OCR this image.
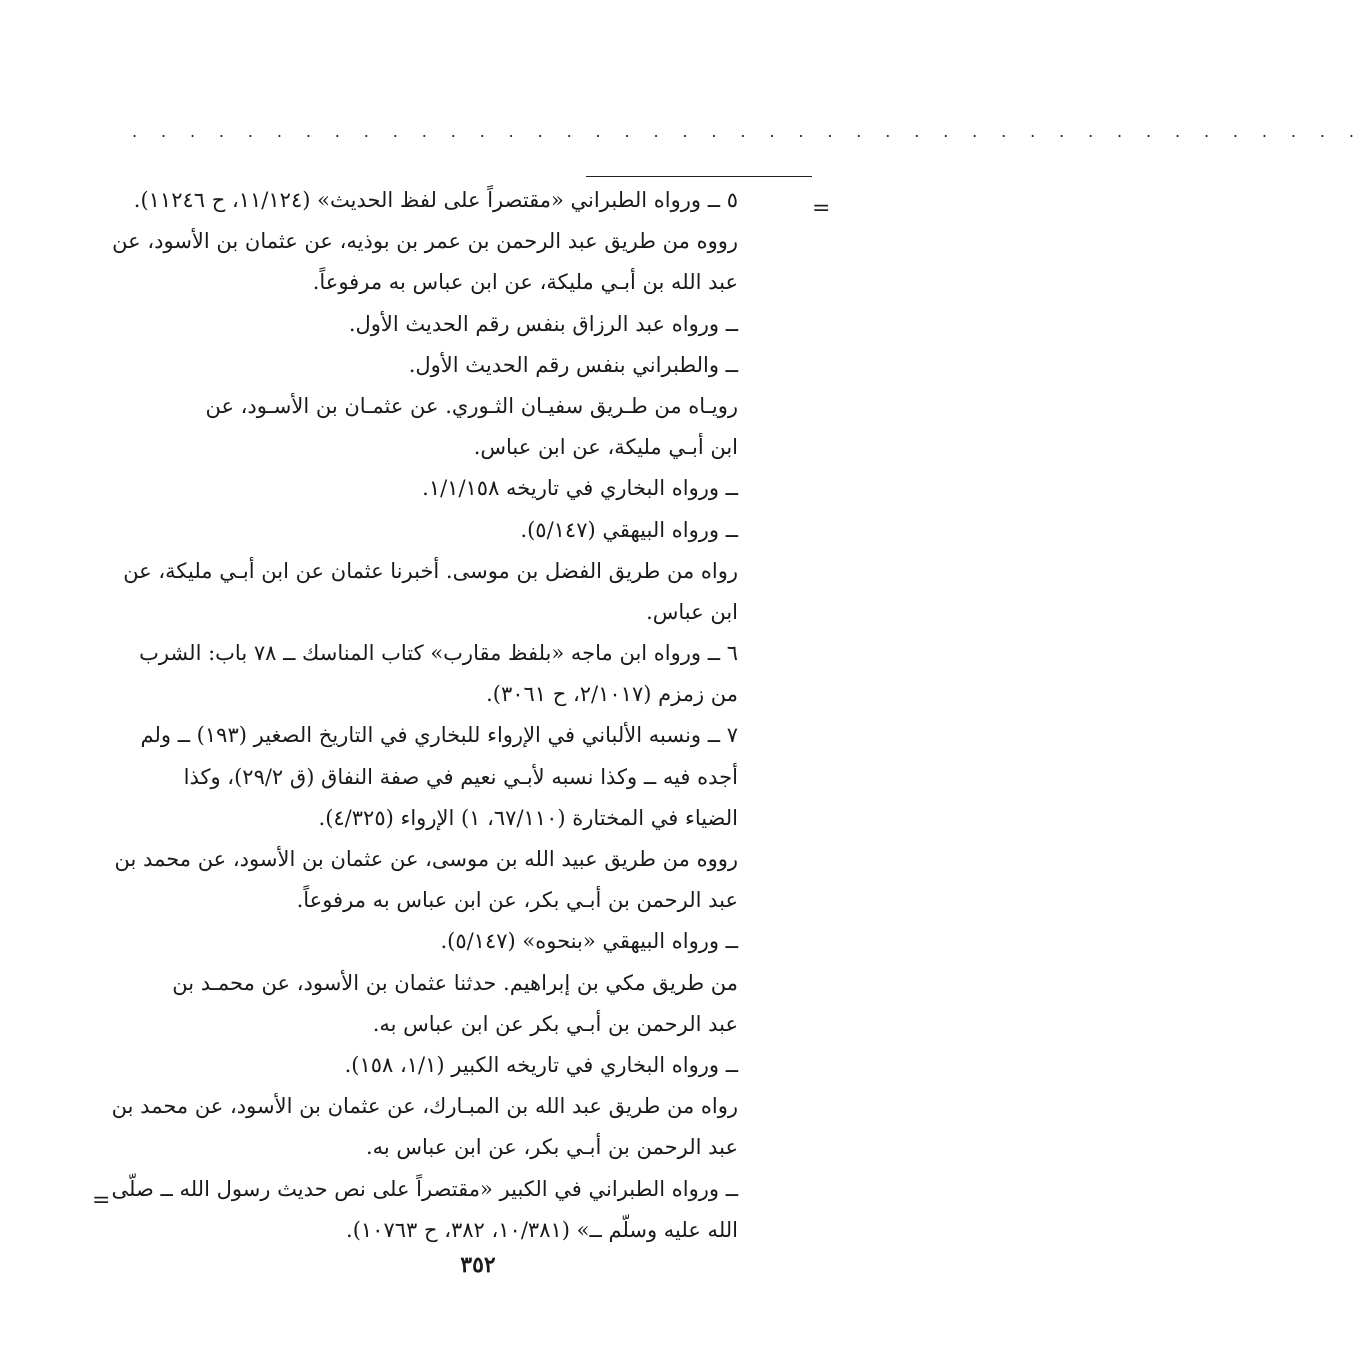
. . . . . . . . . . . . . . . . . . . . . . . . . . . . . . . . . . . . . . . . . . .
=
٥ ــ ورواه الطبراني «مقتصراً على لفظ الحديث» (١١/١٢٤، ح ١١٢٤٦).
رووه من طريق عبد الرحمن بن عمر بن بوذيه، عن عثمان بن الأسود، عن
عبد الله بن أبـي مليكة، عن ابن عباس به مرفوعاً.
ــ ورواه عبد الرزاق بنفس رقم الحديث الأول.
ــ والطبراني بنفس رقم الحديث الأول.
رويـاه من طـريق سفيـان الثـوري. عن عثمـان بن الأسـود، عن
ابن أبـي مليكة، عن ابن عباس.
ــ ورواه البخاري في تاريخه ١/١/١٥٨.
ــ ورواه البيهقي (٥/١٤٧).
رواه من طريق الفضل بن موسى. أخبرنا عثمان عن ابن أبـي مليكة، عن
ابن عباس.
٦ ــ ورواه ابن ماجه «بلفظ مقارب» كتاب المناسك ــ ٧٨ باب: الشرب
من زمزم (٢/١٠١٧، ح ٣٠٦١).
٧ ــ ونسبه الألباني في الإرواء للبخاري في التاريخ الصغير (١٩٣) ــ ولم
أجده فيه ــ وكذا نسبه لأبـي نعيم في صفة النفاق (ق ٢٩/٢)، وكذا
الضياء في المختارة (٦٧/١١٠، ١) الإرواء (٤/٣٢٥).
رووه من طريق عبيد الله بن موسى، عن عثمان بن الأسود، عن محمد بن
عبد الرحمن بن أبـي بكر، عن ابن عباس به مرفوعاً.
ــ ورواه البيهقي «بنحوه» (٥/١٤٧).
من طريق مكي بن إبراهيم. حدثنا عثمان بن الأسود، عن محمـد بن
عبد الرحمن بن أبـي بكر عن ابن عباس به.
ــ ورواه البخاري في تاريخه الكبير (١/١، ١٥٨).
رواه من طريق عبد الله بن المبـارك، عن عثمان بن الأسود، عن محمد بن
عبد الرحمن بن أبـي بكر، عن ابن عباس به.
ــ ورواه الطبراني في الكبير «مقتصراً على نص حديث رسول الله ــ صلّى
الله عليه وسلّم ــ» (١٠/٣٨١، ٣٨٢، ح ١٠٧٦٣).
=
٣٥٢
